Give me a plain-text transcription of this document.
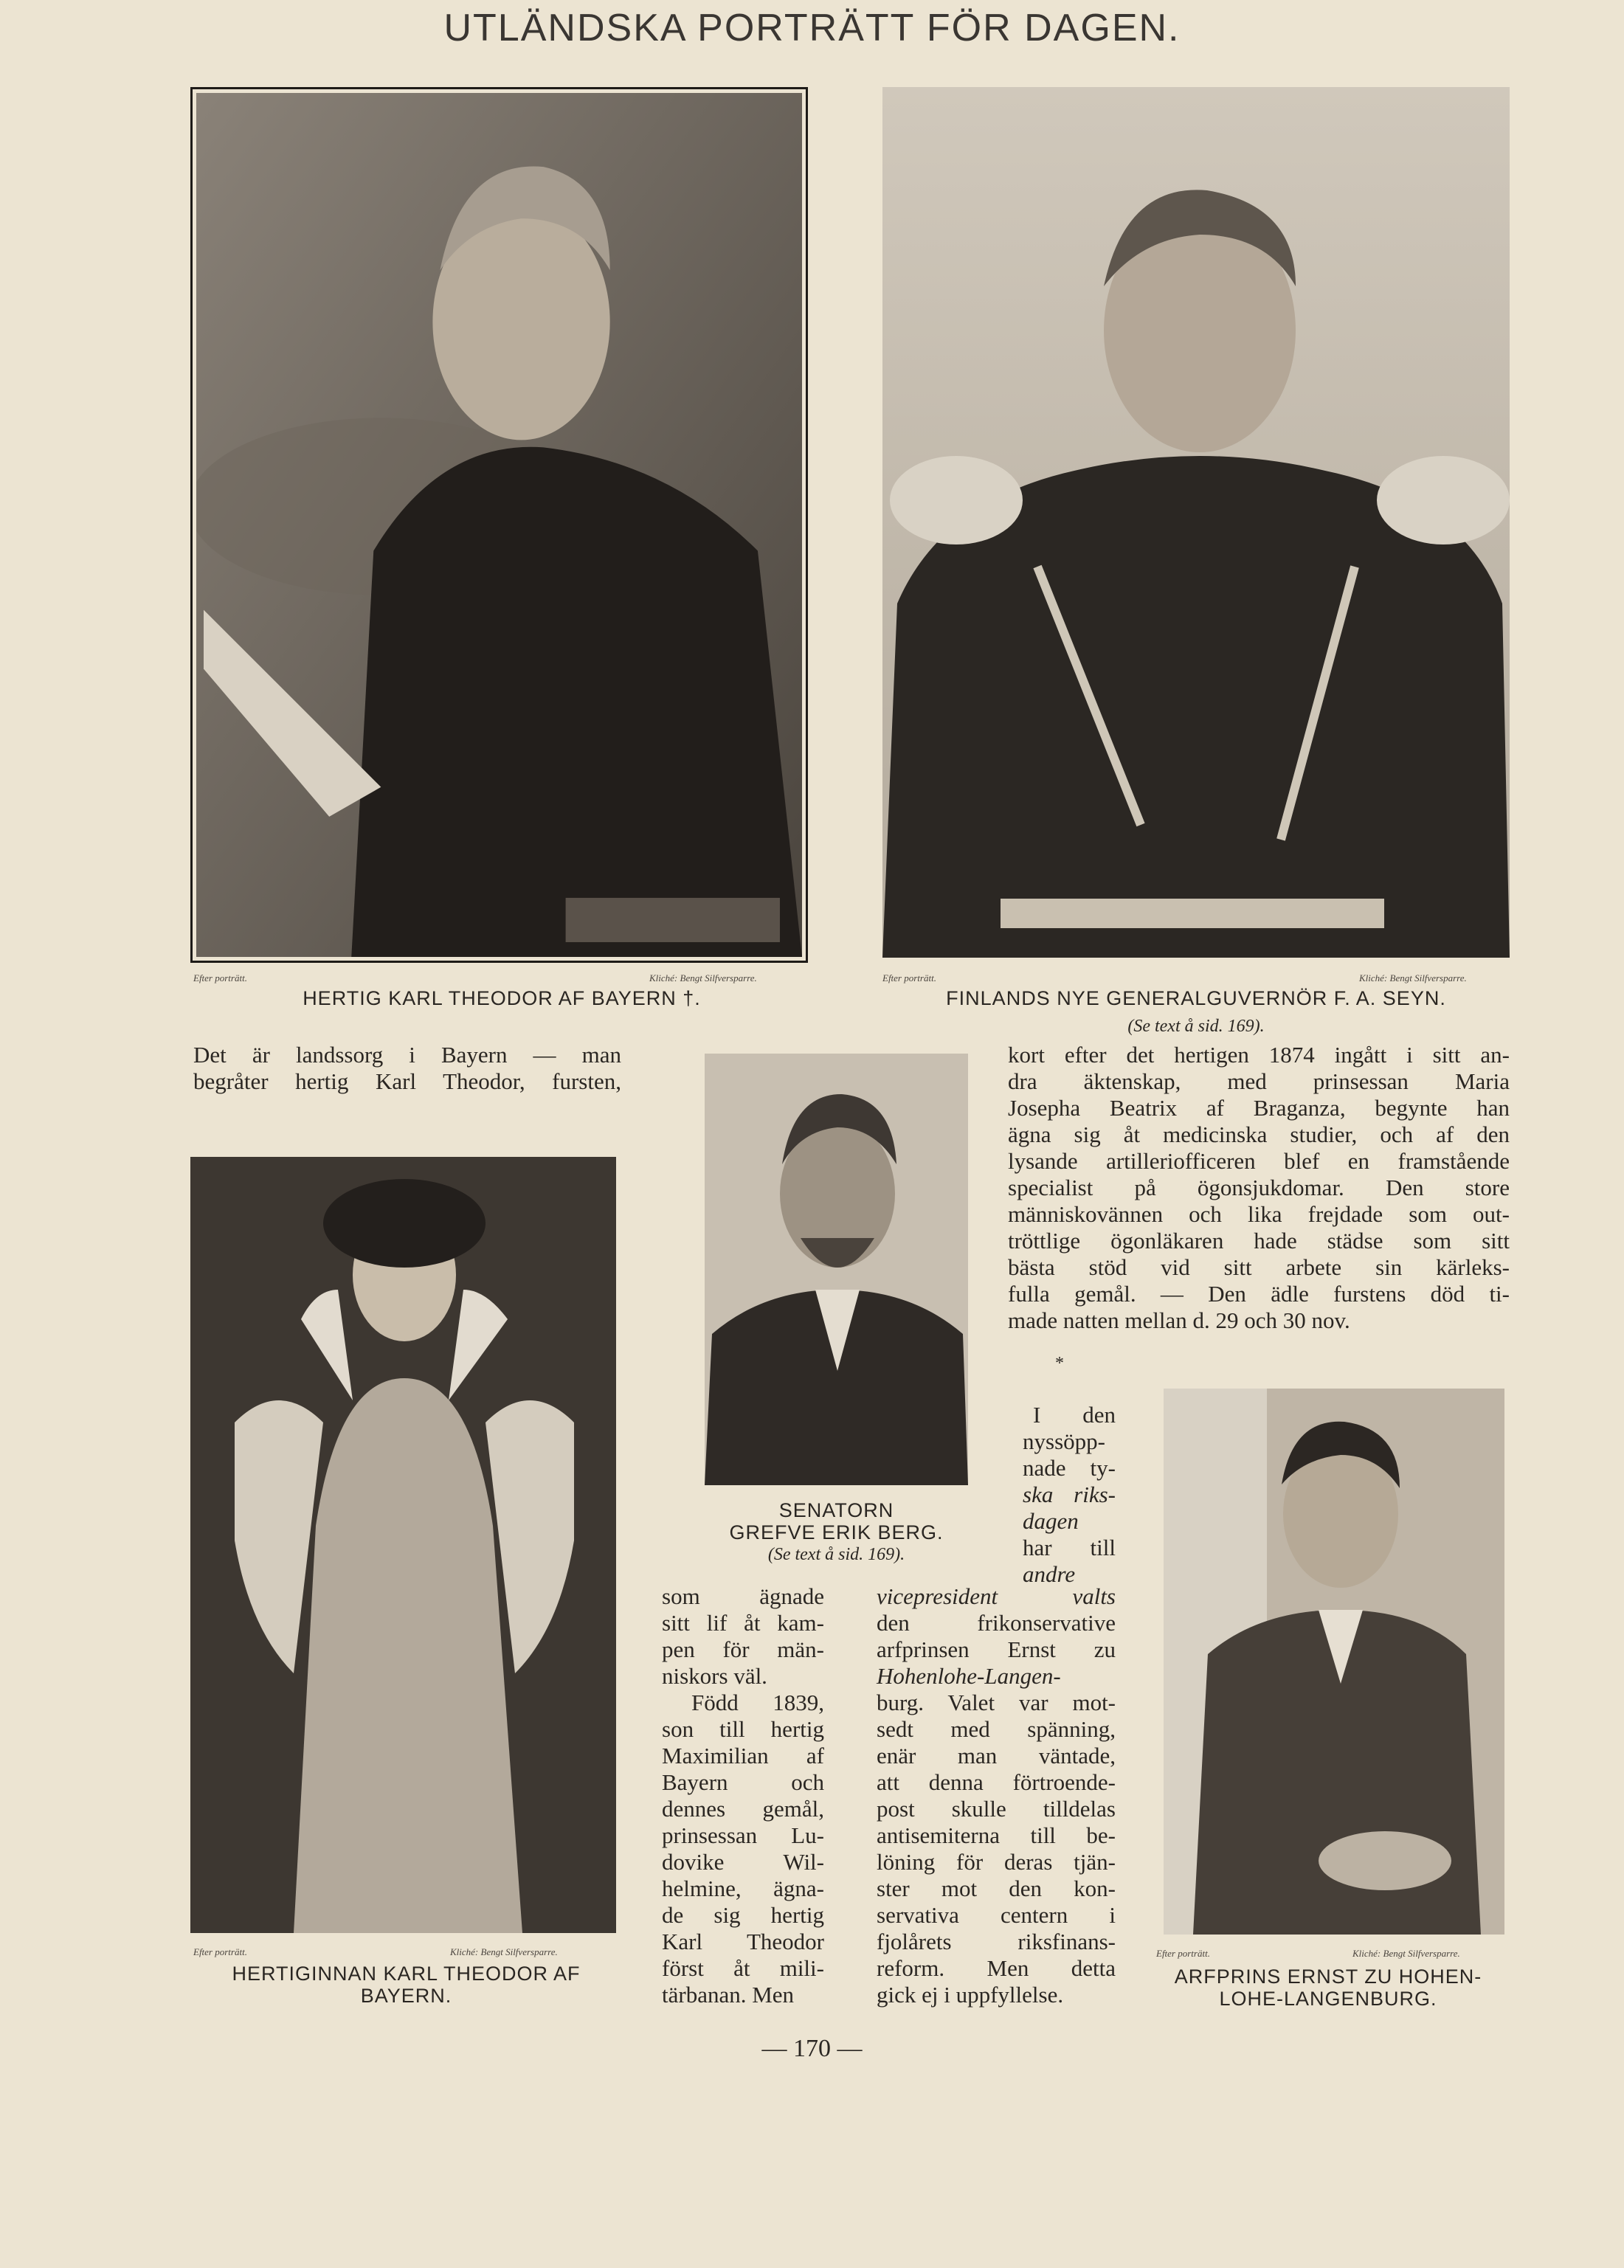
UTLÄNDSKA PORTRÄTT FÖR DAGEN.
Efter porträtt.	Kliché: Bengt Silfversparre.
HERTIG KARL THEODOR AF BAYERN †.
Efter porträtt.	Kliché: Bengt Silfversparre.
FINLANDS NYE GENERALGUVERNÖR F. A. SEYN.
(Se text å sid. 169).
Det är landssorg i Bayern — man
begråter hertig Karl Theodor, fursten,
SENATORN
GREFVE ERIK BERG.
(Se text å sid. 169).
kort efter det hertigen 1874 ingått i sitt an-
dra äktenskap, med prinsessan Maria
Josepha Beatrix af Braganza, begynte han
ägna sig åt medicinska studier, och af den
lysande artilleriofficeren blef en framstående
specialist på ögonsjukdomar. Den store
människovännen och lika frejdade som out-
tröttlige ögonläkaren hade städse som sitt
bästa stöd vid sitt arbete sin kärleks-
fulla gemål. — Den ädle furstens död ti-
made natten mellan d. 29 och 30 nov.
*
Efter porträtt.	Kliché: Bengt Silfversparre.
HERTIGINNAN KARL THEODOR AF
BAYERN.
I den
nyssöpp-
nade ty-
ska riks-
dagen
har till
andre
Efter porträtt.	Kliché: Bengt Silfversparre.
ARFPRINS ERNST ZU HOHEN-
LOHE-LANGENBURG.
som ägnade
sitt lif åt kam-
pen för män-
niskors väl.
Född 1839,
son till hertig
Maximilian af
Bayern och
dennes gemål,
prinsessan Lu-
dovike Wil-
helmine, ägna-
de sig hertig
Karl Theodor
först åt mili-
tärbanan. Men
vicepresident valts
den frikonservative
arfprinsen Ernst zu
Hohenlohe-Langen-
burg. Valet var mot-
sedt med spänning,
enär man väntade,
att denna förtroende-
post skulle tilldelas
antisemiterna till be-
löning för deras tjän-
ster mot den kon-
servativa centern i
fjolårets riksfinans-
reform. Men detta
gick ej i uppfyllelse.
— 170 —
